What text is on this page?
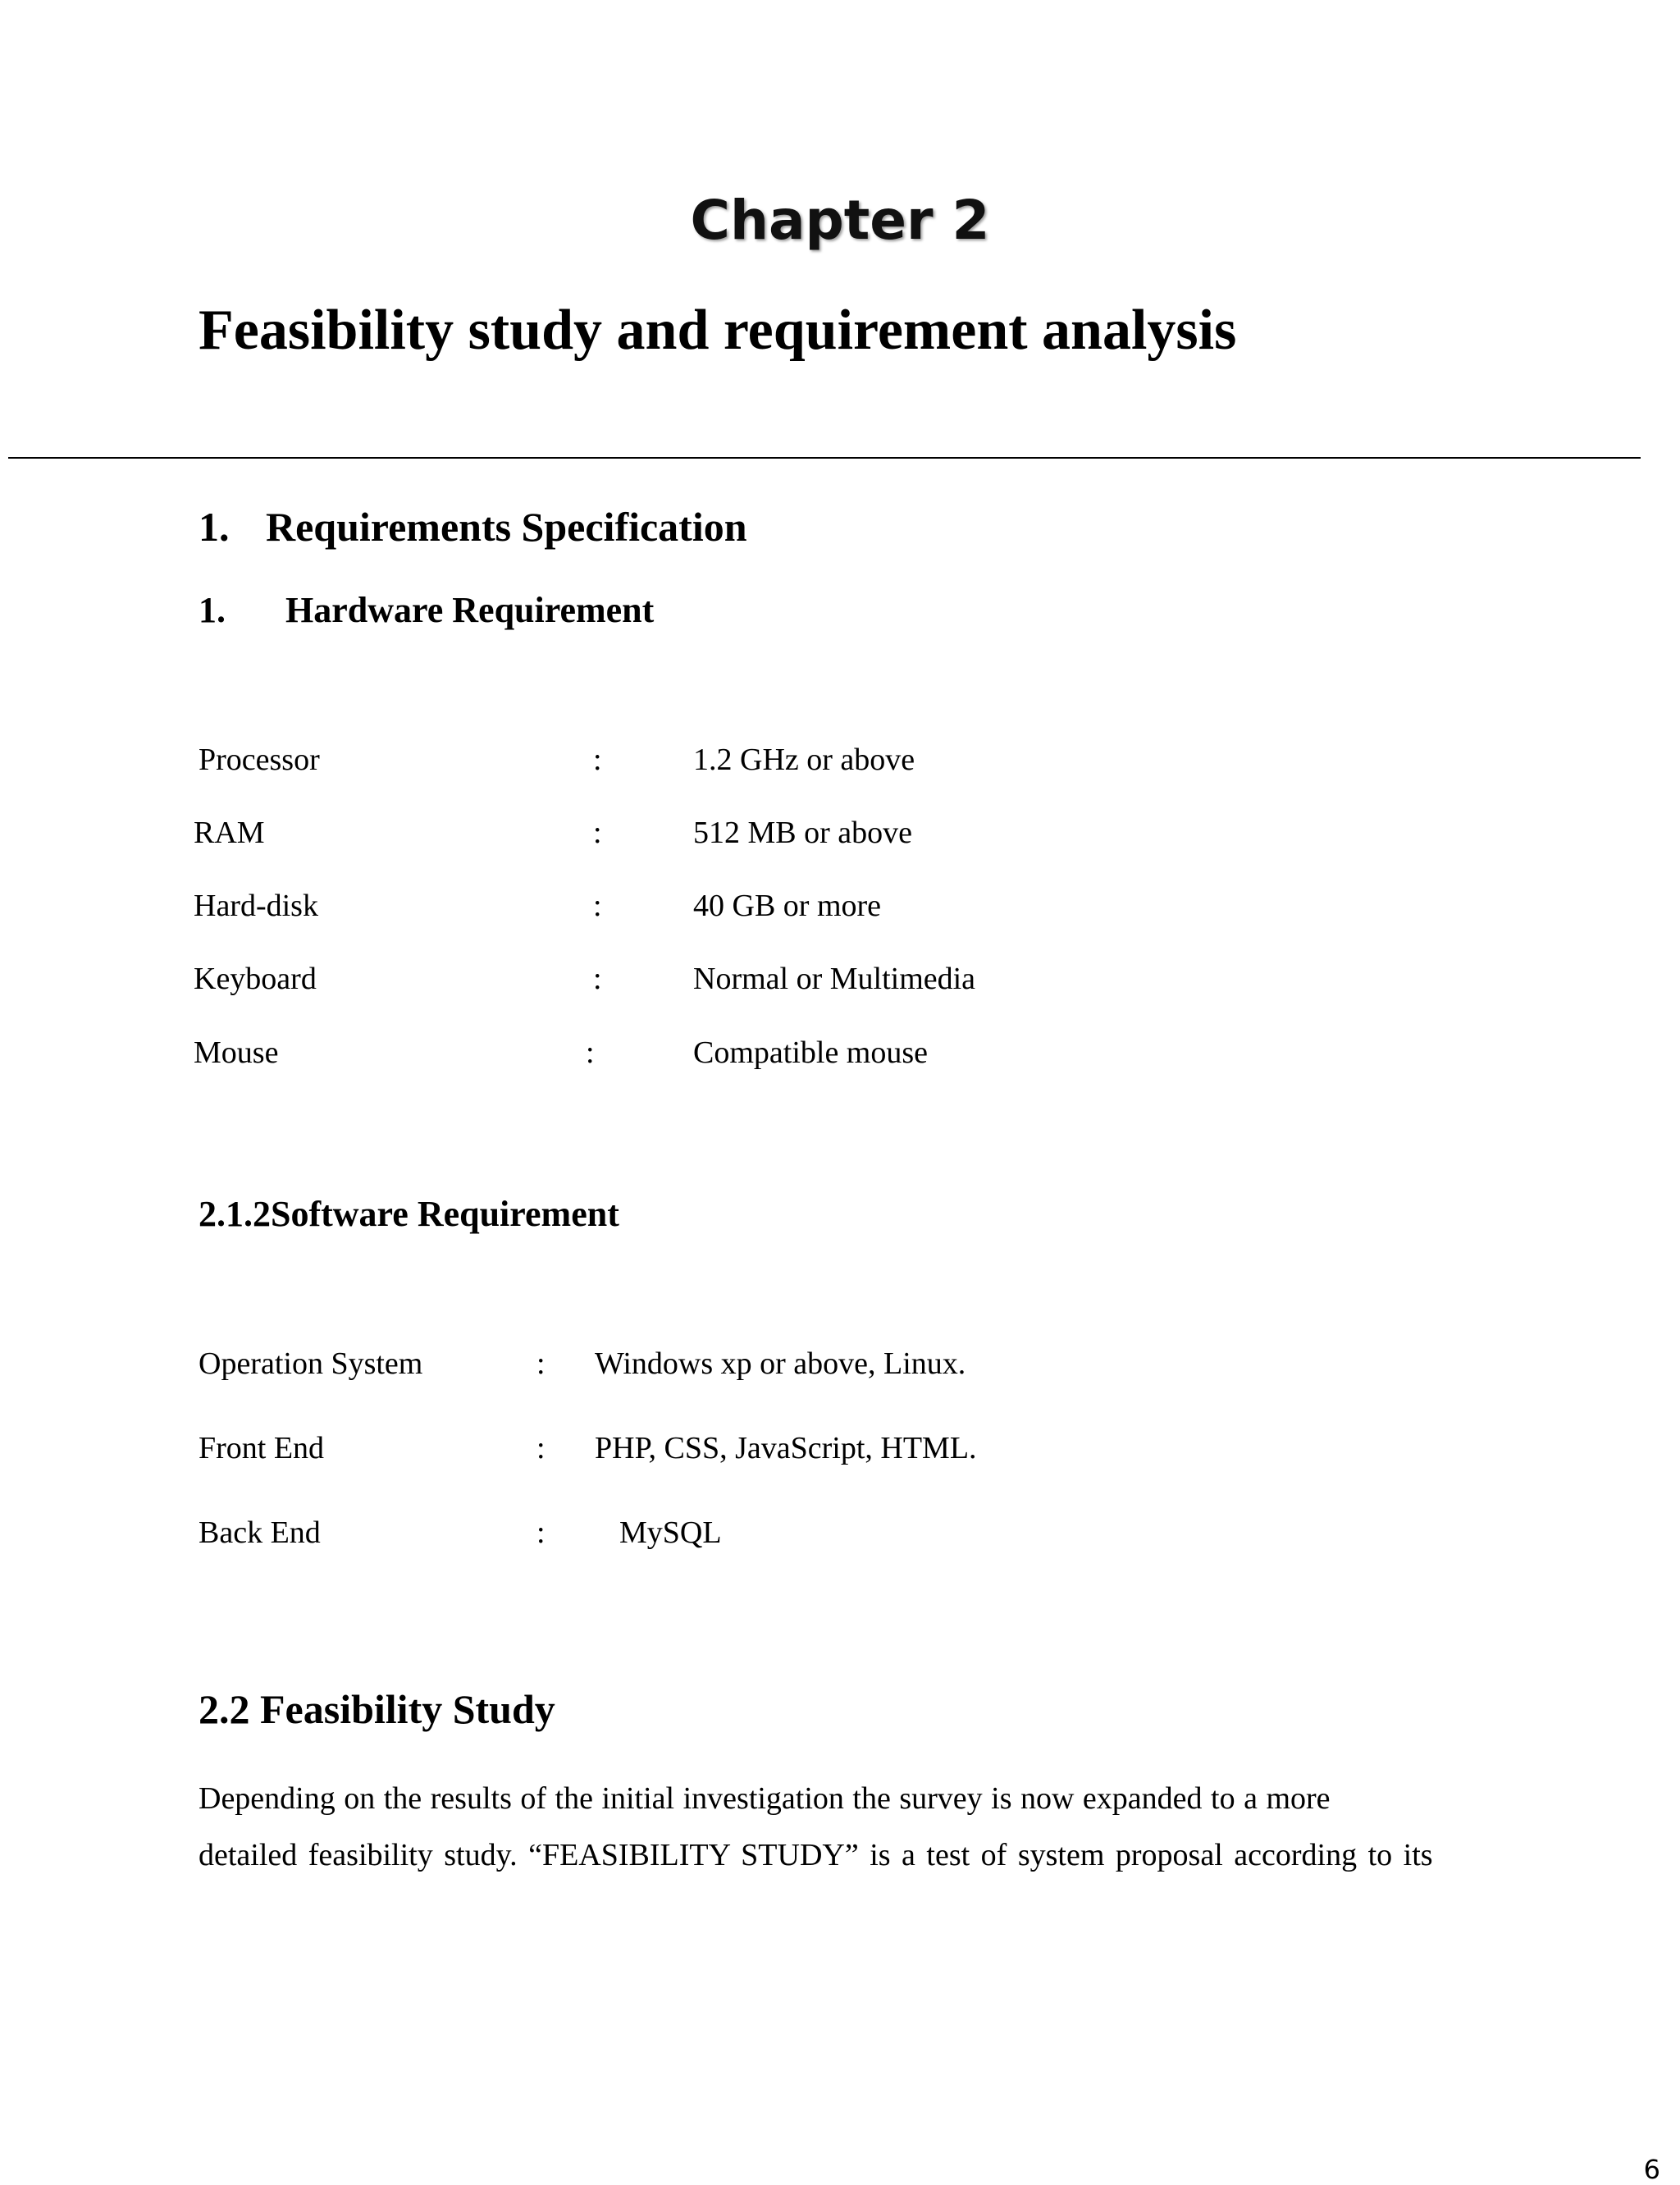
Chapter 2
Feasibility study and requirement analysis
1. Requirements Specification
1. Hardware Requirement
Processor	:	1.2 GHz or above
RAM	:	512 MB or above
Hard-disk	:	40 GB or more
Keyboard	:	Normal or Multimedia
Mouse	:	Compatible mouse
2.1.2Software Requirement
Operation System	: Windows xp or above, Linux.
Front End	: PHP, CSS, JavaScript, HTML.
Back End	: MySQL
2.2 Feasibility Study
Depending on the results of the initial investigation the survey is now expanded to a more
detailed feasibility study. “FEASIBILITY STUDY” is a test of system proposal according to its
6
